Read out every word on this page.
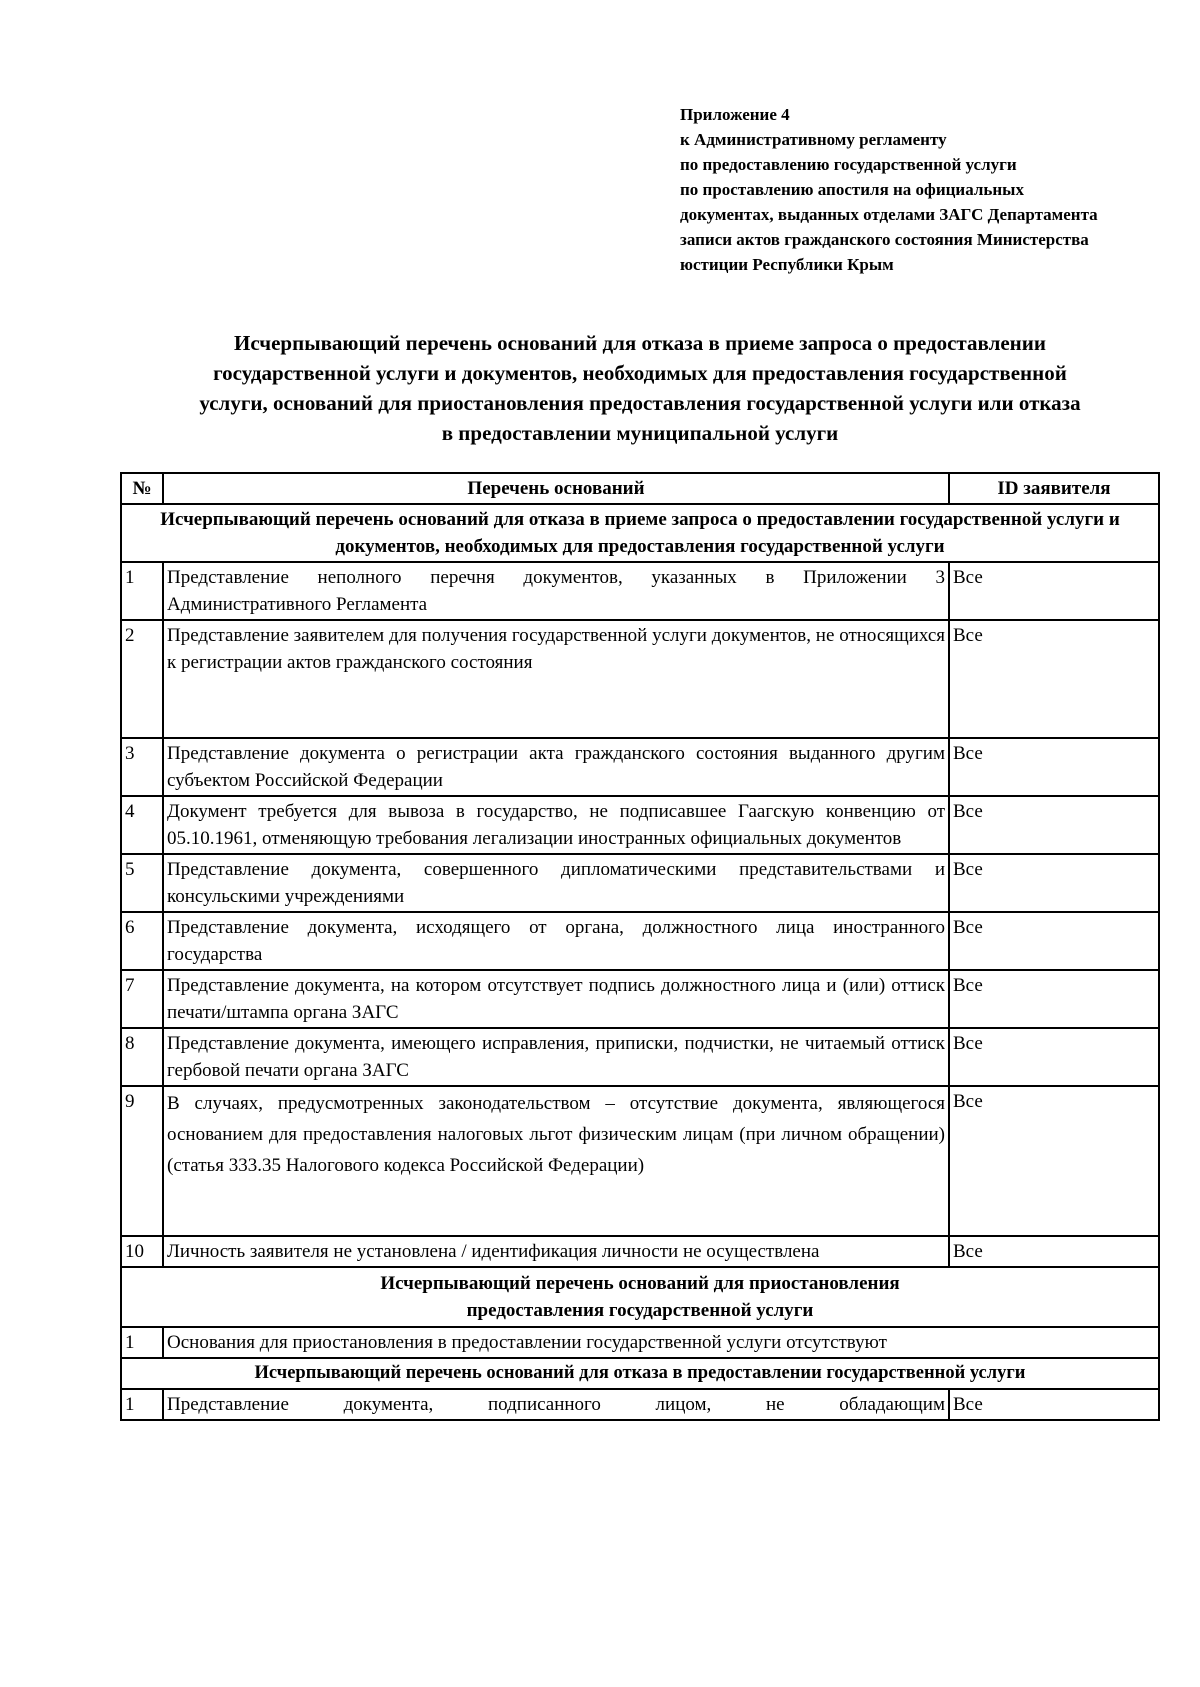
Приложение 4
к Административному регламенту
по предоставлению государственной услуги
по проставлению апостиля на официальных
документах, выданных отделами ЗАГС Департамента
записи актов гражданского состояния Министерства
юстиции Республики Крым
Исчерпывающий перечень оснований для отказа в приеме запроса о предоставлении
государственной услуги и документов, необходимых для предоставления государственной
услуги, оснований для приостановления предоставления государственной услуги или отказа
в предоставлении муниципальной услуги
№	Перечень оснований	ID заявителя
Исчерпывающий перечень оснований для отказа в приеме запроса о предоставлении государственной услуги и документов, необходимых для предоставления государственной услуги		
1	Представление неполного перечня документов, указанных в Приложении 3 Административного Регламента	Все
2	Представление заявителем для получения государственной услуги документов, не относящихся к регистрации актов гражданского состояния	Все
3	Представление документа о регистрации акта гражданского состояния выданного другим субъектом Российской Федерации	Все
4	Документ требуется для вывоза в государство, не подписавшее Гаагскую конвенцию от 05.10.1961, отменяющую требования легализации иностранных официальных документов	Все
5	Представление документа, совершенного дипломатическими представительствами и консульскими учреждениями	Все
6	Представление документа, исходящего от органа, должностного лица иностранного государства	Все
7	Представление документа, на котором отсутствует подпись должностного лица и (или) оттиск печати/штампа органа ЗАГС	Все
8	Представление документа, имеющего исправления, приписки, подчистки, не читаемый оттиск гербовой печати органа ЗАГС	Все
9	В случаях, предусмотренных законодательством – отсутствие документа, являющегося основанием для предоставления налоговых льгот физическим лицам (при личном обращении) (статья 333.35 Налогового кодекса Российской Федерации)	Все
10	Личность заявителя не установлена / идентификация личности не осуществлена	Все
Исчерпывающий перечень оснований для приостановления предоставления государственной услуги		
1	Основания для приостановления в предоставлении государственной услуги отсутствуют	
Исчерпывающий перечень оснований для отказа в предоставлении государственной услуги		
1	Представление документа, подписанного лицом, не обладающим	Все
